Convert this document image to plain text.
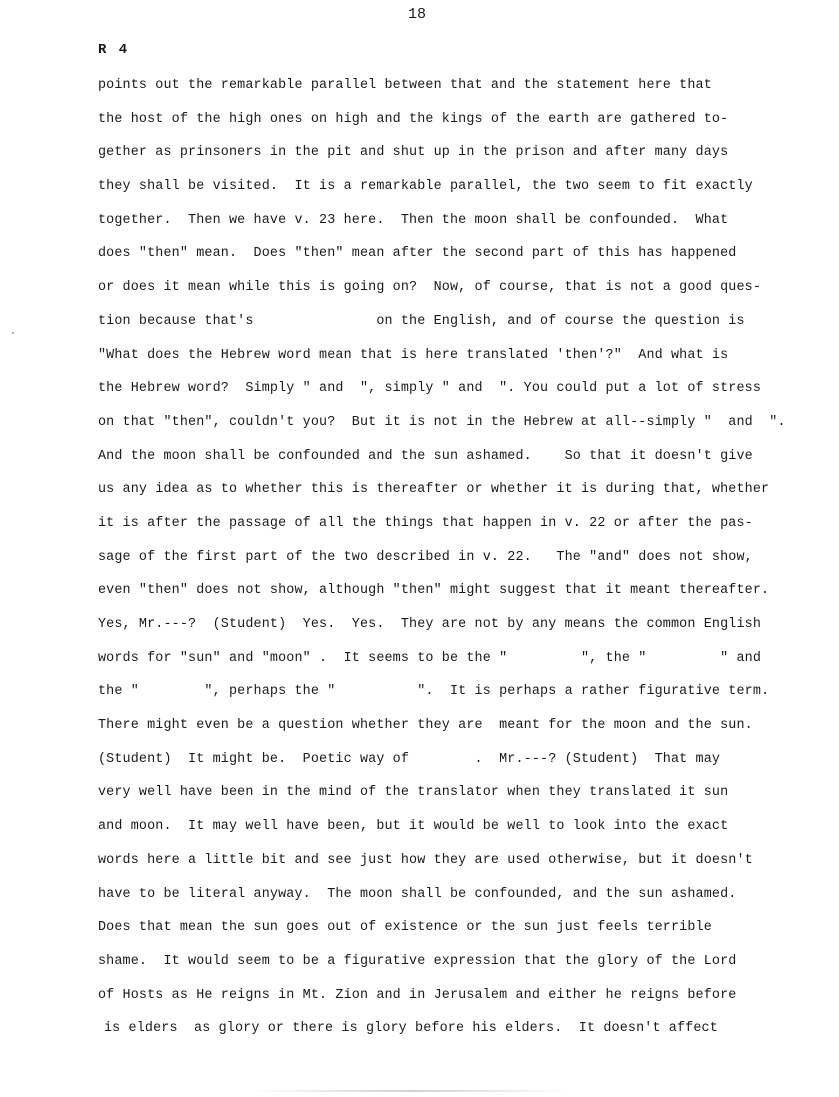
18
R 4
points out the remarkable parallel between that and the statement here that
the host of the high ones on high and the kings of the earth are gathered to-
gether as prinsoners in the pit and shut up in the prison and after many days
they shall be visited.  It is a remarkable parallel, the two seem to fit exactly
together.  Then we have v. 23 here.  Then the moon shall be confounded.  What
does "then" mean.  Does "then" mean after the second part of this has happened
or does it mean while this is going on?  Now, of course, that is not a good ques-
tion because that's               on the English, and of course the question is
"What does the Hebrew word mean that is here translated 'then'?"  And what is
the Hebrew word?  Simply " and  ", simply " and  ". You could put a lot of stress
on that "then", couldn't you?  But it is not in the Hebrew at all--simply "  and  ".
And the moon shall be confounded and the sun ashamed.    So that it doesn't give
us any idea as to whether this is thereafter or whether it is during that, whether
it is after the passage of all the things that happen in v. 22 or after the pas-
sage of the first part of the two described in v. 22.   The "and" does not show,
even "then" does not show, although "then" might suggest that it meant thereafter.
Yes, Mr.---?  (Student)  Yes.  Yes.  They are not by any means the common English
words for "sun" and "moon" .  It seems to be the "         ", the "         " and
the "        ", perhaps the "          ".  It is perhaps a rather figurative term.
There might even be a question whether they are  meant for the moon and the sun.
(Student)  It might be.  Poetic way of        .  Mr.---? (Student)  That may
very well have been in the mind of the translator when they translated it sun
and moon.  It may well have been, but it would be well to look into the exact
words here a little bit and see just how they are used otherwise, but it doesn't
have to be literal anyway.  The moon shall be confounded, and the sun ashamed.
Does that mean the sun goes out of existence or the sun just feels terrible
shame.  It would seem to be a figurative expression that the glory of the Lord
of Hosts as He reigns in Mt. Zion and in Jerusalem and either he reigns before
is elders  as glory or there is glory before his elders.  It doesn't affect
